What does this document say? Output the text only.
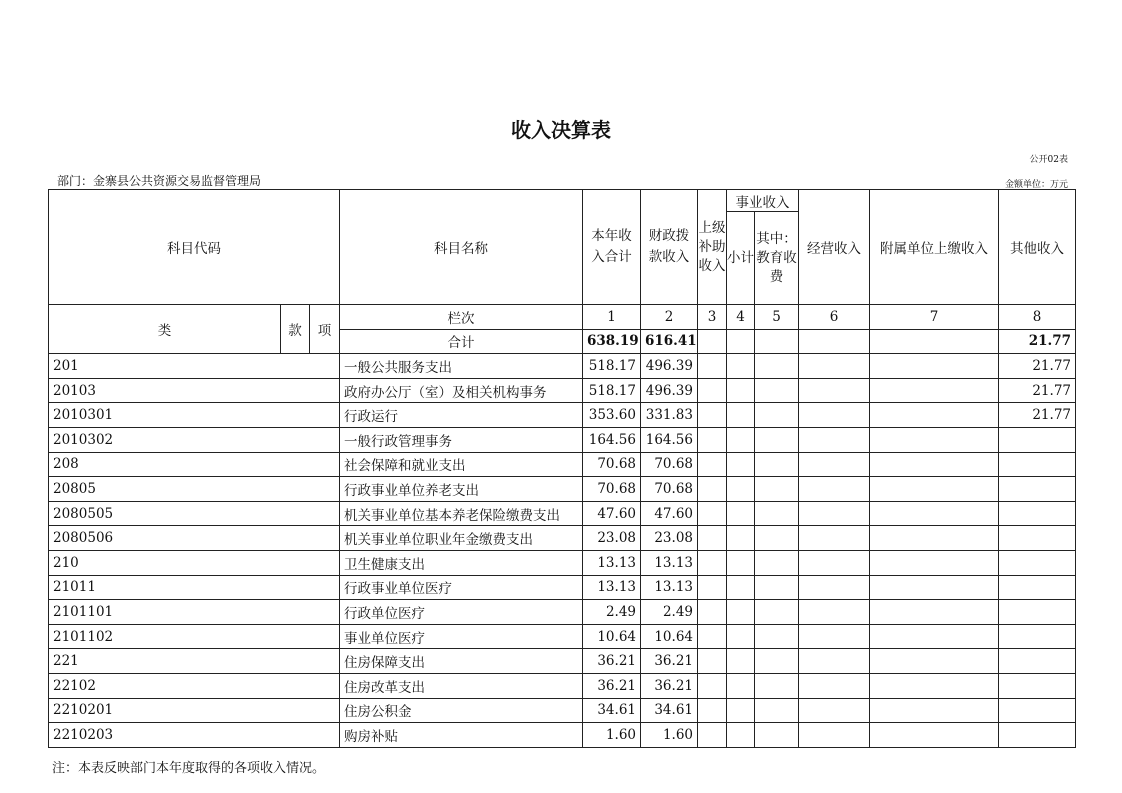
收入决算表
公开02表
部门：金寨县公共资源交易监督管理局	金额单位：万元
科目代码			科目名称	本年收入合计	财政拨款收入	上级补助收入	事业收入		经营收入	附属单位上缴收入	其他收入
							小计	其中：教育收费			
类	款	项	栏次	1	2	3	4	5	6	7	8
			合计	638.19	616.41						21.77
201			一般公共服务支出	518.17	496.39						21.77
20103			政府办公厅（室）及相关机构事务	518.17	496.39						21.77
2010301			行政运行	353.60	331.83						21.77
2010302			一般行政管理事务	164.56	164.56						
208			社会保障和就业支出	70.68	70.68						
20805			行政事业单位养老支出	70.68	70.68						
2080505			机关事业单位基本养老保险缴费支出	47.60	47.60						
2080506			机关事业单位职业年金缴费支出	23.08	23.08						
210			卫生健康支出	13.13	13.13						
21011			行政事业单位医疗	13.13	13.13						
2101101			行政单位医疗	2.49	2.49						
2101102			事业单位医疗	10.64	10.64						
221			住房保障支出	36.21	36.21						
22102			住房改革支出	36.21	36.21						
2210201			住房公积金	34.61	34.61						
2210203			购房补贴	1.60	1.60						
注：本表反映部门本年度取得的各项收入情况。
